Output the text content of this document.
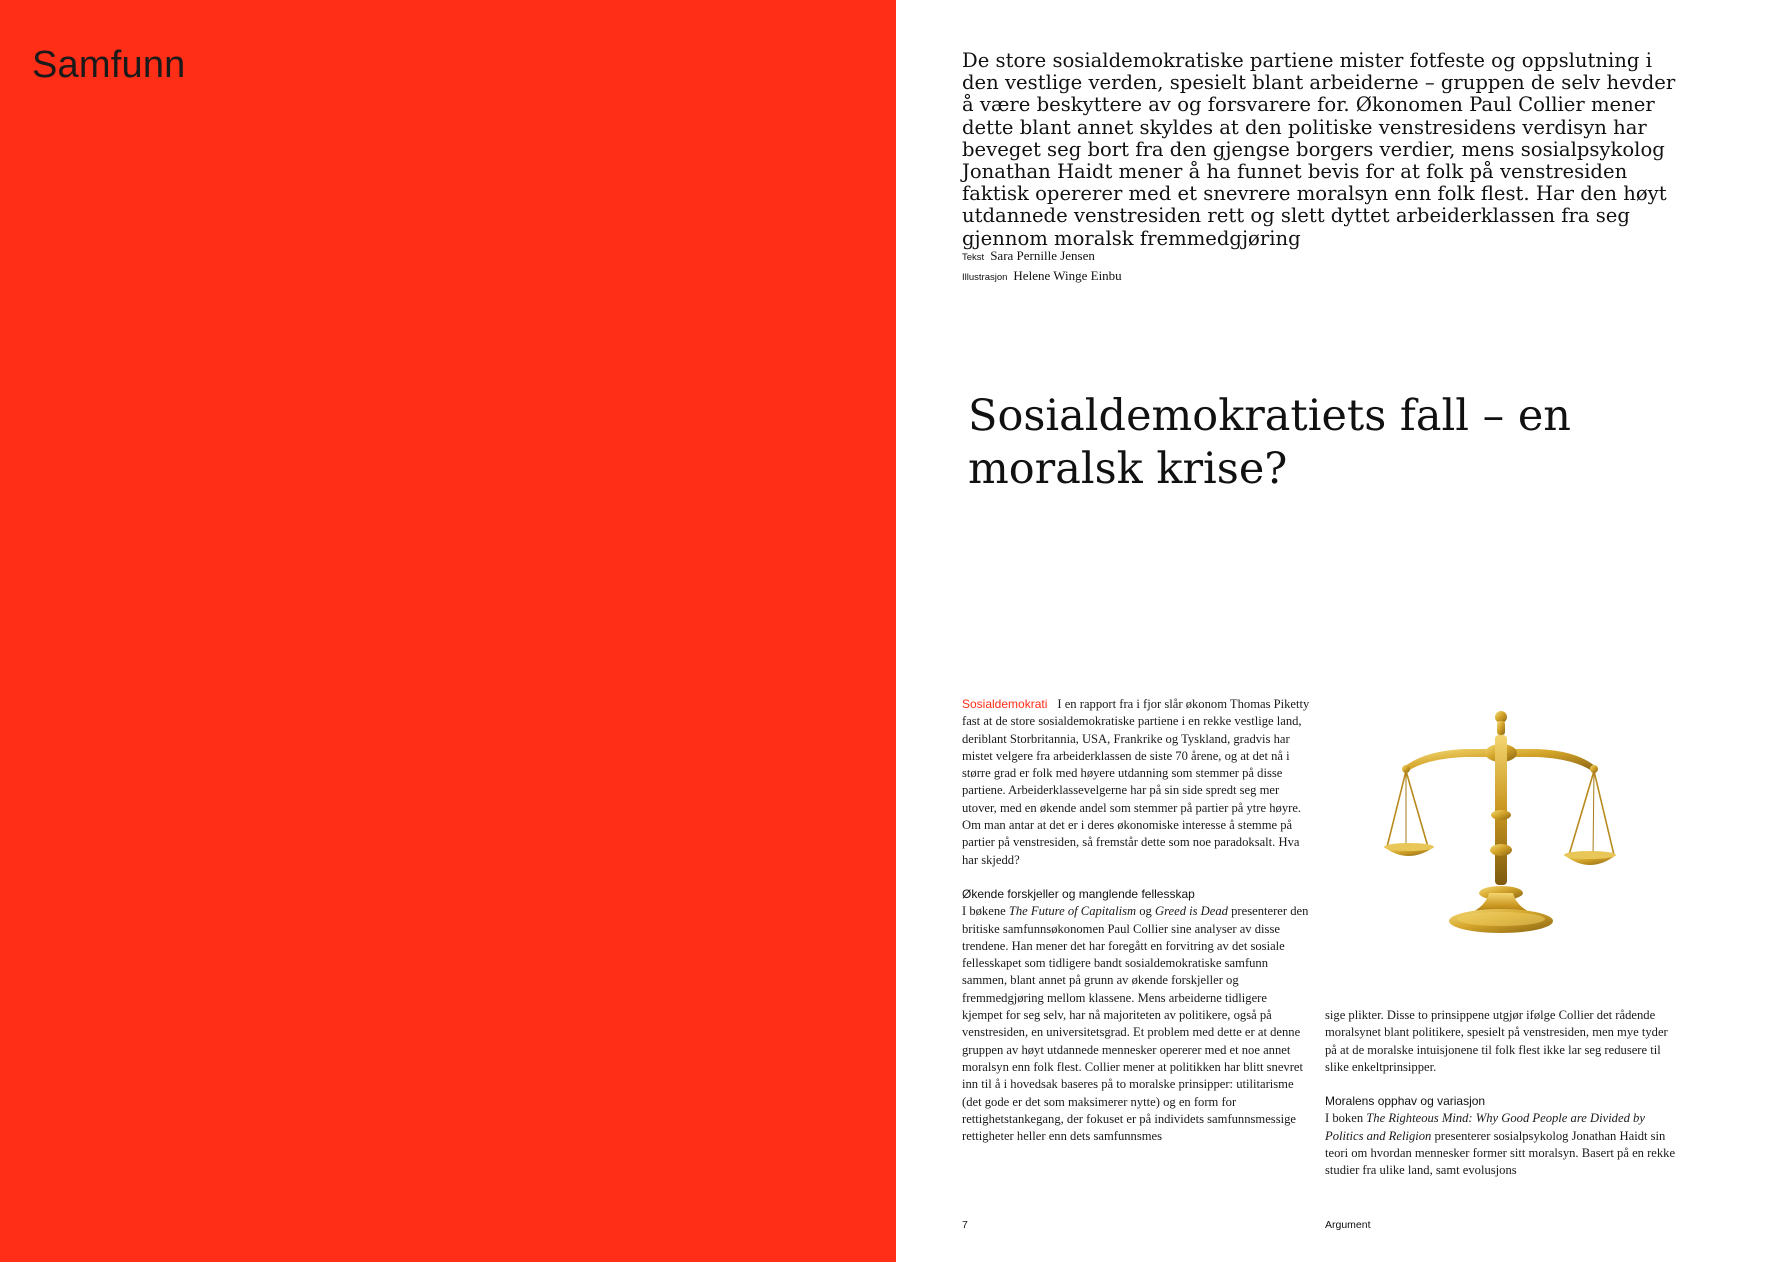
Samfunn	De store sosialdemokratiske partiene mister fotfeste og oppslutning i den vestlige verden, spesielt blant arbeiderne – gruppen de selv hevder å være beskyttere av og forsvarere for. Økonomen Paul Collier mener dette blant annet skyldes at den politiske venstresidens verdisyn har beveget seg bort fra den gjengse borgers verdier, mens sosialpsykolog Jonathan Haidt mener å ha funnet bevis for at folk på venstresiden faktisk opererer med et snevrere moralsyn enn folk flest. Har den høyt utdannede venstresiden rett og slett dyttet arbeiderklassen fra seg gjennom moralsk fremmedgjøring
Tekst Sara Pernille Jensen
Illustrasjon Helene Winge Einbu
Sosialdemokratiets fall – en moralsk krise?

Sosialdemokrati I en rapport fra i fjor slår økonom Thomas Piketty fast at de store sosialdemokratiske partiene i en rekke vestlige land, deriblant Storbritannia, USA, Frankrike og Tyskland, gradvis har mistet velgere fra arbeiderklassen de siste 70 årene, og at det nå i større grad er folk med høyere utdanning som stemmer på disse partiene. Arbeiderklassevelgerne har på sin side spredt seg mer utover, med en økende andel som stemmer på partier på ytre høyre. Om man antar at det er i deres økonomiske interesse å stemme på partier på venstresiden, så fremstår dette som noe paradoksalt. Hva har skjedd?

Økende forskjeller og manglende fellesskap

I bøkene The Future of Capitalism og Greed is Dead presenterer den britiske samfunnsøkonomen Paul Collier sine analyser av disse trendene. Han mener det har foregått en forvitring av det sosiale fellesskapet som tidligere bandt sosialdemokratiske samfunn sammen, blant annet på grunn av økende forskjeller og fremmedgjøring mellom klassene. Mens arbeiderne tidligere kjempet for seg selv, har nå majoriteten av politikere, også på venstresiden, en universitetsgrad. Et problem med dette er at denne gruppen av høyt utdannede mennesker opererer med et noe annet moralsyn enn folk flest. Collier mener at politikken har blitt snevret inn til å i hovedsak baseres på to moralske prinsipper: utilitarisme (det gode er det som maksimerer nytte) og en form for rettighetstankegang, der fokuset er på individets samfunnsmessige rettigheter heller enn dets samfunnsmes

sige plikter. Disse to prinsippene utgjør ifølge Collier det rådende moralsynet blant politikere, spesielt på venstresiden, men mye tyder på at de moralske intuisjonene til folk flest ikke lar seg redusere til slike enkeltprinsipper.

Moralens opphav og variasjon

I boken The Righteous Mind: Why Good People are Divided by Politics and Religion presenterer sosialpsykolog Jonathan Haidt sin teori om hvordan mennesker former sitt moralsyn. Basert på en rekke studier fra ulike land, samt evolusjons

7	Argument
